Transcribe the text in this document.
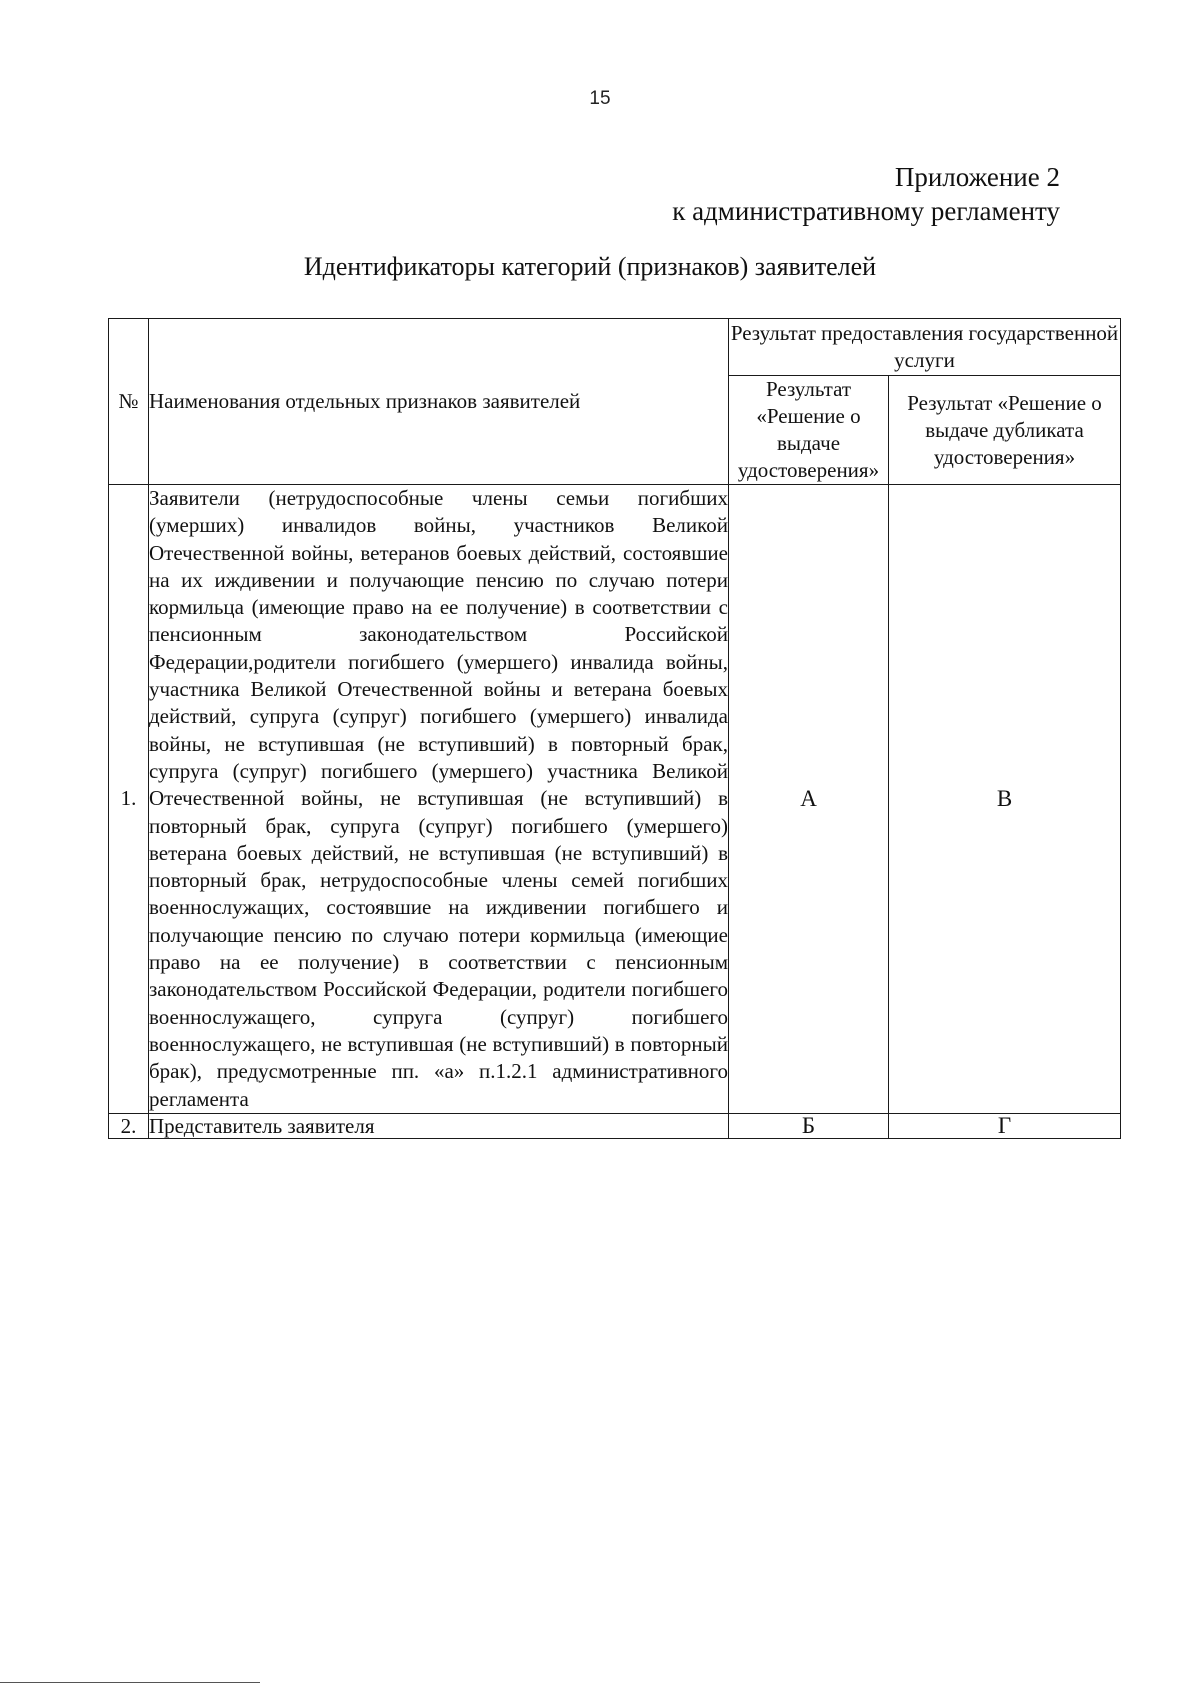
15
Приложение 2
к административному регламенту
Идентификаторы категорий (признаков) заявителей
№	Наименования отдельных признаков заявителей	Результат предоставления государственной услуги	
		Результат «Решение о выдаче удостоверения»	Результат «Решение о выдаче дубликата удостоверения»
1.	Заявители (нетрудоспособные члены семьи погибших (умерших) инвалидов войны, участников Великой Отечественной войны, ветеранов боевых действий, состоявшие на их иждивении и получающие пенсию по случаю потери кормильца (имеющие право на ее получение) в соответствии с пенсионным законодательством Российской Федерации,родители погибшего (умершего) инвалида войны, участника Великой Отечественной войны и ветерана боевых действий, супруга (супруг) погибшего (умершего) инвалида войны, не вступившая (не вступивший) в повторный брак, супруга (супруг) погибшего (умершего) участника Великой Отечественной войны, не вступившая (не вступивший) в повторный брак, супруга (супруг) погибшего (умершего) ветерана боевых действий, не вступившая (не вступивший) в повторный брак, нетрудоспособные члены семей погибших военнослужащих, состоявшие на иждивении погибшего и получающие пенсию по случаю потери кормильца (имеющие право на ее получение) в соответствии с пенсионным законодательством Российской Федерации, родители погибшего военнослужащего, супруга (супруг) погибшего военнослужащего, не вступившая (не вступивший) в повторный брак), предусмотренные пп. «а» п.1.2.1 административного регламента	А	В
2.	Представитель заявителя	Б	Г
